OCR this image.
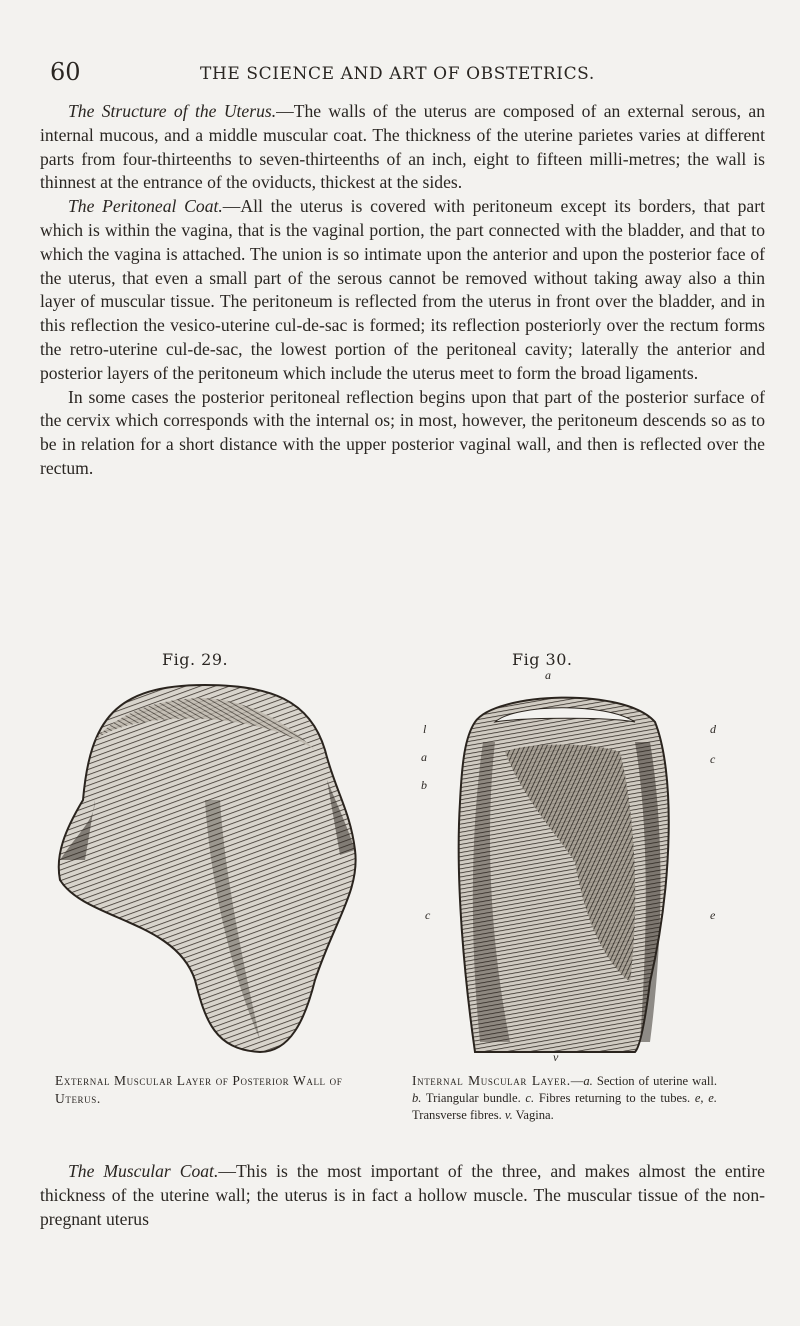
60	THE SCIENCE AND ART OF OBSTETRICS.

The Structure of the Uterus.—The walls of the uterus are composed of an external serous, an internal mucous, and a middle muscular coat. The thickness of the uterine parietes varies at different parts from four-thirteenths to seven-thirteenths of an inch, eight to fifteen milli-metres; the wall is thinnest at the entrance of the oviducts, thickest at the sides.

The Peritoneal Coat.—All the uterus is covered with peritoneum except its borders, that part which is within the vagina, that is the vaginal portion, the part connected with the bladder, and that to which the vagina is attached. The union is so intimate upon the anterior and upon the posterior face of the uterus, that even a small part of the serous cannot be removed without taking away also a thin layer of muscular tissue. The peritoneum is reflected from the uterus in front over the bladder, and in this reflection the vesico-uterine cul-de-sac is formed; its reflection posteriorly over the rectum forms the retro-uterine cul-de-sac, the lowest portion of the peritoneal cavity; laterally the anterior and posterior layers of the peritoneum which include the uterus meet to form the broad ligaments.

In some cases the posterior peritoneal reflection begins upon that part of the posterior surface of the cervix which corresponds with the internal os; in most, however, the peritoneum descends so as to be in relation for a short distance with the upper posterior vaginal wall, and then is reflected over the rectum.

Fig. 29.	Fig 30.
a
l
a
b
c
d
c
e
v
External Muscular Layer of Posterior Wall of Uterus.
Internal Muscular Layer.—a. Section of uterine wall. b. Triangular bundle. c. Fibres returning to the tubes. e, e. Transverse fibres. v. Vagina.

The Muscular Coat.—This is the most important of the three, and makes almost the entire thickness of the uterine wall; the uterus is in fact a hollow muscle. The muscular tissue of the non-pregnant uterus
